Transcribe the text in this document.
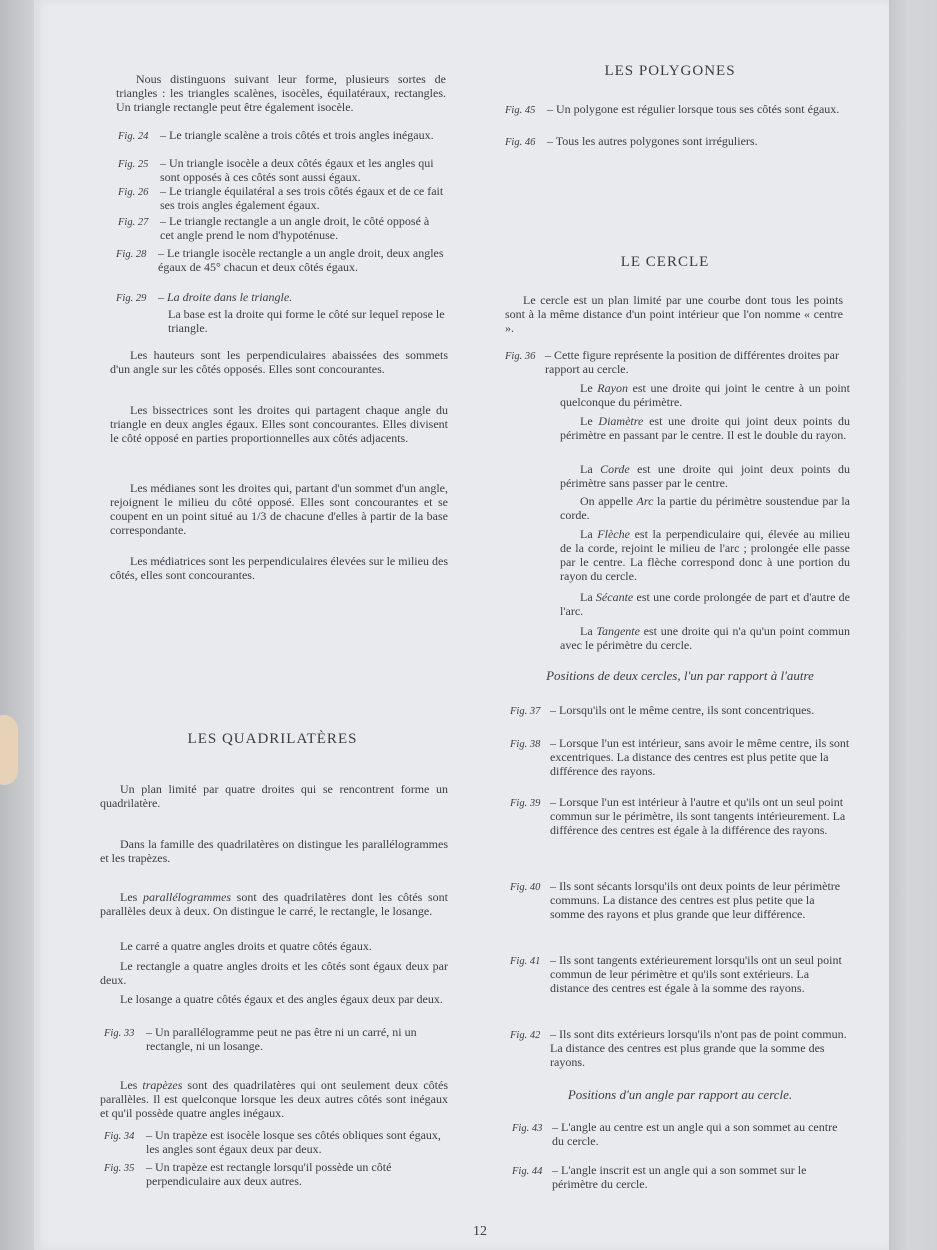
Nous distinguons suivant leur forme, plusieurs sortes de triangles : les triangles scalènes, isocèles, équilatéraux, rectangles. Un triangle rectangle peut être également isocèle.

Fig. 24 – Le triangle scalène a trois côtés et trois angles inégaux.
Fig. 25 – Un triangle isocèle a deux côtés égaux et les angles qui sont opposés à ces côtés sont aussi égaux.
Fig. 26 – Le triangle équilatéral a ses trois côtés égaux et de ce fait ses trois angles également égaux.
Fig. 27 – Le triangle rectangle a un angle droit, le côté opposé à cet angle prend le nom d'hypoténuse.
Fig. 28 – Le triangle isocèle rectangle a un angle droit, deux angles égaux de 45° chacun et deux côtés égaux.
Fig. 29 – La droite dans le triangle.
La base est la droite qui forme le côté sur lequel repose le triangle.

Les hauteurs sont les perpendiculaires abaissées des sommets d'un angle sur les côtés opposés. Elles sont concourantes.

Les bissectrices sont les droites qui partagent chaque angle du triangle en deux angles égaux. Elles sont concourantes. Elles divisent le côté opposé en parties proportionnelles aux côtés adjacents.

Les médianes sont les droites qui, partant d'un sommet d'un angle, rejoignent le milieu du côté opposé. Elles sont concourantes et se coupent en un point situé au 1/3 de chacune d'elles à partir de la base correspondante.

Les médiatrices sont les perpendiculaires élevées sur le milieu des côtés, elles sont concourantes.

LES QUADRILATÈRES

Un plan limité par quatre droites qui se rencontrent forme un quadrilatère.

Dans la famille des quadrilatères on distingue les parallélogrammes et les trapèzes.

Les parallélogrammes sont des quadrilatères dont les côtés sont parallèles deux à deux. On distingue le carré, le rectangle, le losange.

Le carré a quatre angles droits et quatre côtés égaux.

Le rectangle a quatre angles droits et les côtés sont égaux deux par deux.

Le losange a quatre côtés égaux et des angles égaux deux par deux.

Fig. 33 – Un parallélogramme peut ne pas être ni un carré, ni un rectangle, ni un losange.

Les trapèzes sont des quadrilatères qui ont seulement deux côtés parallèles. Il est quelconque lorsque les deux autres côtés sont inégaux et qu'il possède quatre angles inégaux.

Fig. 34 – Un trapèze est isocèle losque ses côtés obliques sont égaux, les angles sont égaux deux par deux.
Fig. 35 – Un trapèze est rectangle lorsqu'il possède un côté perpendiculaire aux deux autres.
LES POLYGONES
Fig. 45 – Un polygone est régulier lorsque tous ses côtés sont égaux.
Fig. 46 – Tous les autres polygones sont irréguliers.
LE CERCLE

Le cercle est un plan limité par une courbe dont tous les points sont à la même distance d'un point intérieur que l'on nomme « centre ».

Fig. 36 – Cette figure représente la position de différentes droites par rapport au cercle.

Le Rayon est une droite qui joint le centre à un point quelconque du périmètre.

Le Diamètre est une droite qui joint deux points du périmètre en passant par le centre. Il est le double du rayon.

La Corde est une droite qui joint deux points du périmètre sans passer par le centre.

On appelle Arc la partie du périmètre soustendue par la corde.

La Flèche est la perpendiculaire qui, élevée au milieu de la corde, rejoint le milieu de l'arc ; prolongée elle passe par le centre. La flèche correspond donc à une portion du rayon du cercle.

La Sécante est une corde prolongée de part et d'autre de l'arc.

La Tangente est une droite qui n'a qu'un point commun avec le périmètre du cercle.

Positions de deux cercles, l'un par rapport à l'autre
Fig. 37 – Lorsqu'ils ont le même centre, ils sont concentriques.
Fig. 38 – Lorsque l'un est intérieur, sans avoir le même centre, ils sont excentriques. La distance des centres est plus petite que la différence des rayons.
Fig. 39 – Lorsque l'un est intérieur à l'autre et qu'ils ont un seul point commun sur le périmètre, ils sont tangents intérieurement. La différence des centres est égale à la différence des rayons.
Fig. 40 – Ils sont sécants lorsqu'ils ont deux points de leur périmètre communs. La distance des centres est plus petite que la somme des rayons et plus grande que leur différence.
Fig. 41 – Ils sont tangents extérieurement lorsqu'ils ont un seul point commun de leur périmètre et qu'ils sont extérieurs. La distance des centres est égale à la somme des rayons.
Fig. 42 – Ils sont dits extérieurs lorsqu'ils n'ont pas de point commun. La distance des centres est plus grande que la somme des rayons.
Positions d'un angle par rapport au cercle.
Fig. 43 – L'angle au centre est un angle qui a son sommet au centre du cercle.
Fig. 44 – L'angle inscrit est un angle qui a son sommet sur le périmètre du cercle.
12
